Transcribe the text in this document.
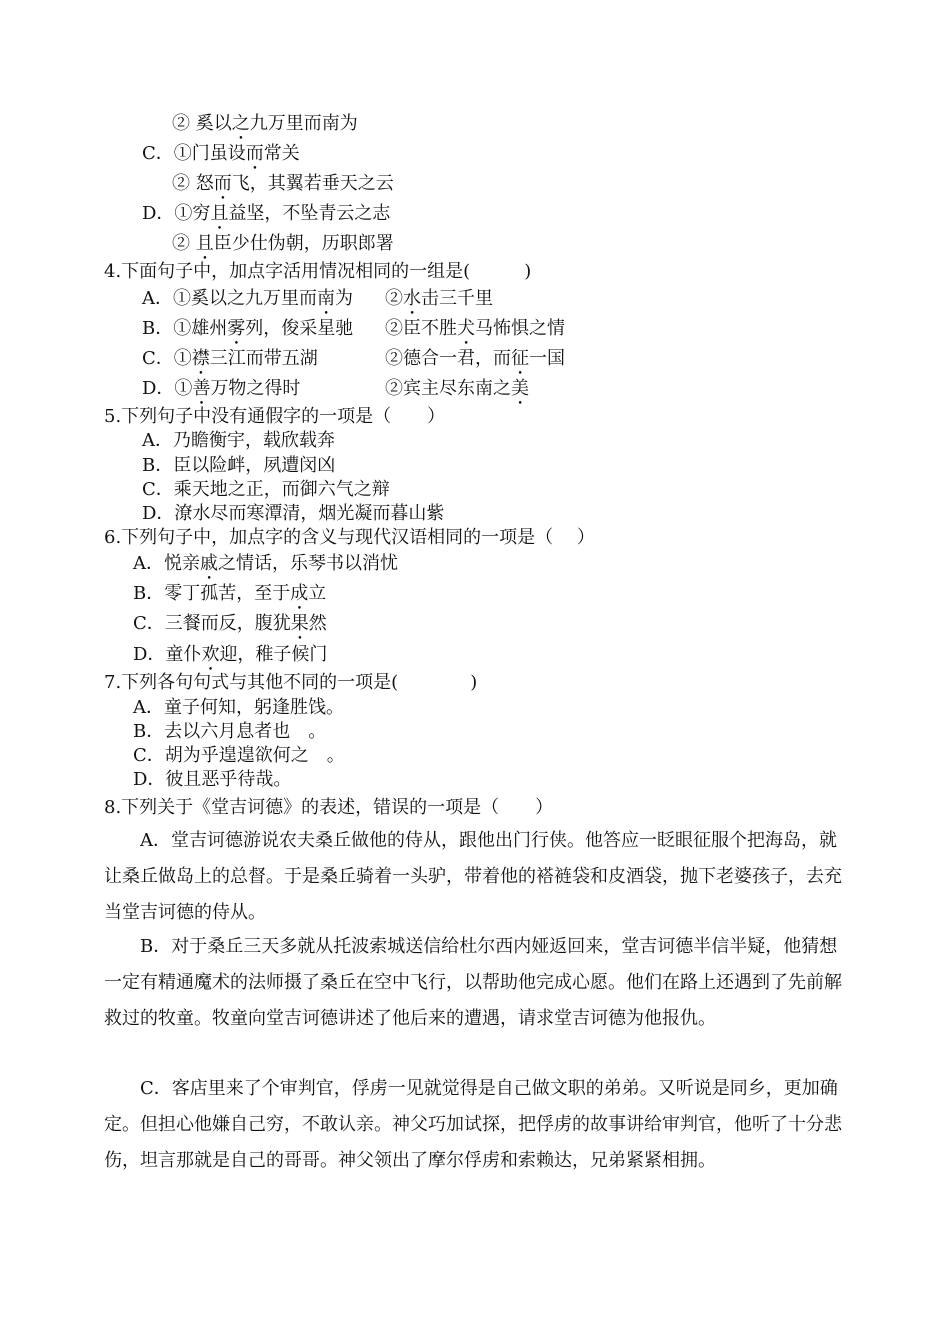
② 奚以之九万里而南为
C．①门虽设而常关
② 怒而飞，其翼若垂天之云
D．①穷且益坚，不坠青云之志
② 且臣少仕伪朝，历职郎署
4.下面句子中，加点字活用情况相同的一组是(　　　)
A．①奚以之九万里而南为 ②水击三千里
B．①雄州雾列，俊采星驰 ②臣不胜犬马怖惧之情
C．①襟三江而带五湖	②德合一君，而征一国
D．①善万物之得时	②宾主尽东南之美
5.下列句子中没有通假字的一项是（　　）
A．乃瞻衡宇，载欣载奔
B．臣以险衅，夙遭闵凶
C．乘天地之正，而御六气之辩
D．潦水尽而寒潭清，烟光凝而暮山紫
6.下列句子中，加点字的含义与现代汉语相同的一项是（　 ）
A．悦亲戚之情话，乐琴书以消忧
B．零丁孤苦，至于成立
C．三餐而反，腹犹果然
D．童仆欢迎，稚子候门
7.下列各句句式与其他不同的一项是(　　　　)
A．童子何知，躬逢胜饯。
B．去以六月息者也　。
C．胡为乎遑遑欲何之　。
D．彼且恶乎待哉。
8.下列关于《堂吉诃德》的表述，错误的一项是（　　）
A．堂吉诃德游说农夫桑丘做他的侍从，跟他出门行侠。他答应一眨眼征服个把海岛，就让桑丘做岛上的总督。于是桑丘骑着一头驴，带着他的褡裢袋和皮酒袋，抛下老婆孩子，去充当堂吉诃德的侍从。
B．对于桑丘三天多就从托波索城送信给杜尔西内娅返回来，堂吉诃德半信半疑，他猜想一定有精通魔术的法师摄了桑丘在空中飞行，以帮助他完成心愿。他们在路上还遇到了先前解救过的牧童。牧童向堂吉诃德讲述了他后来的遭遇，请求堂吉诃德为他报仇。
C．客店里来了个审判官，俘虏一见就觉得是自己做文职的弟弟。又听说是同乡，更加确定。但担心他嫌自己穷，不敢认亲。神父巧加试探，把俘虏的故事讲给审判官，他听了十分悲伤，坦言那就是自己的哥哥。神父领出了摩尔俘虏和索赖达，兄弟紧紧相拥。
